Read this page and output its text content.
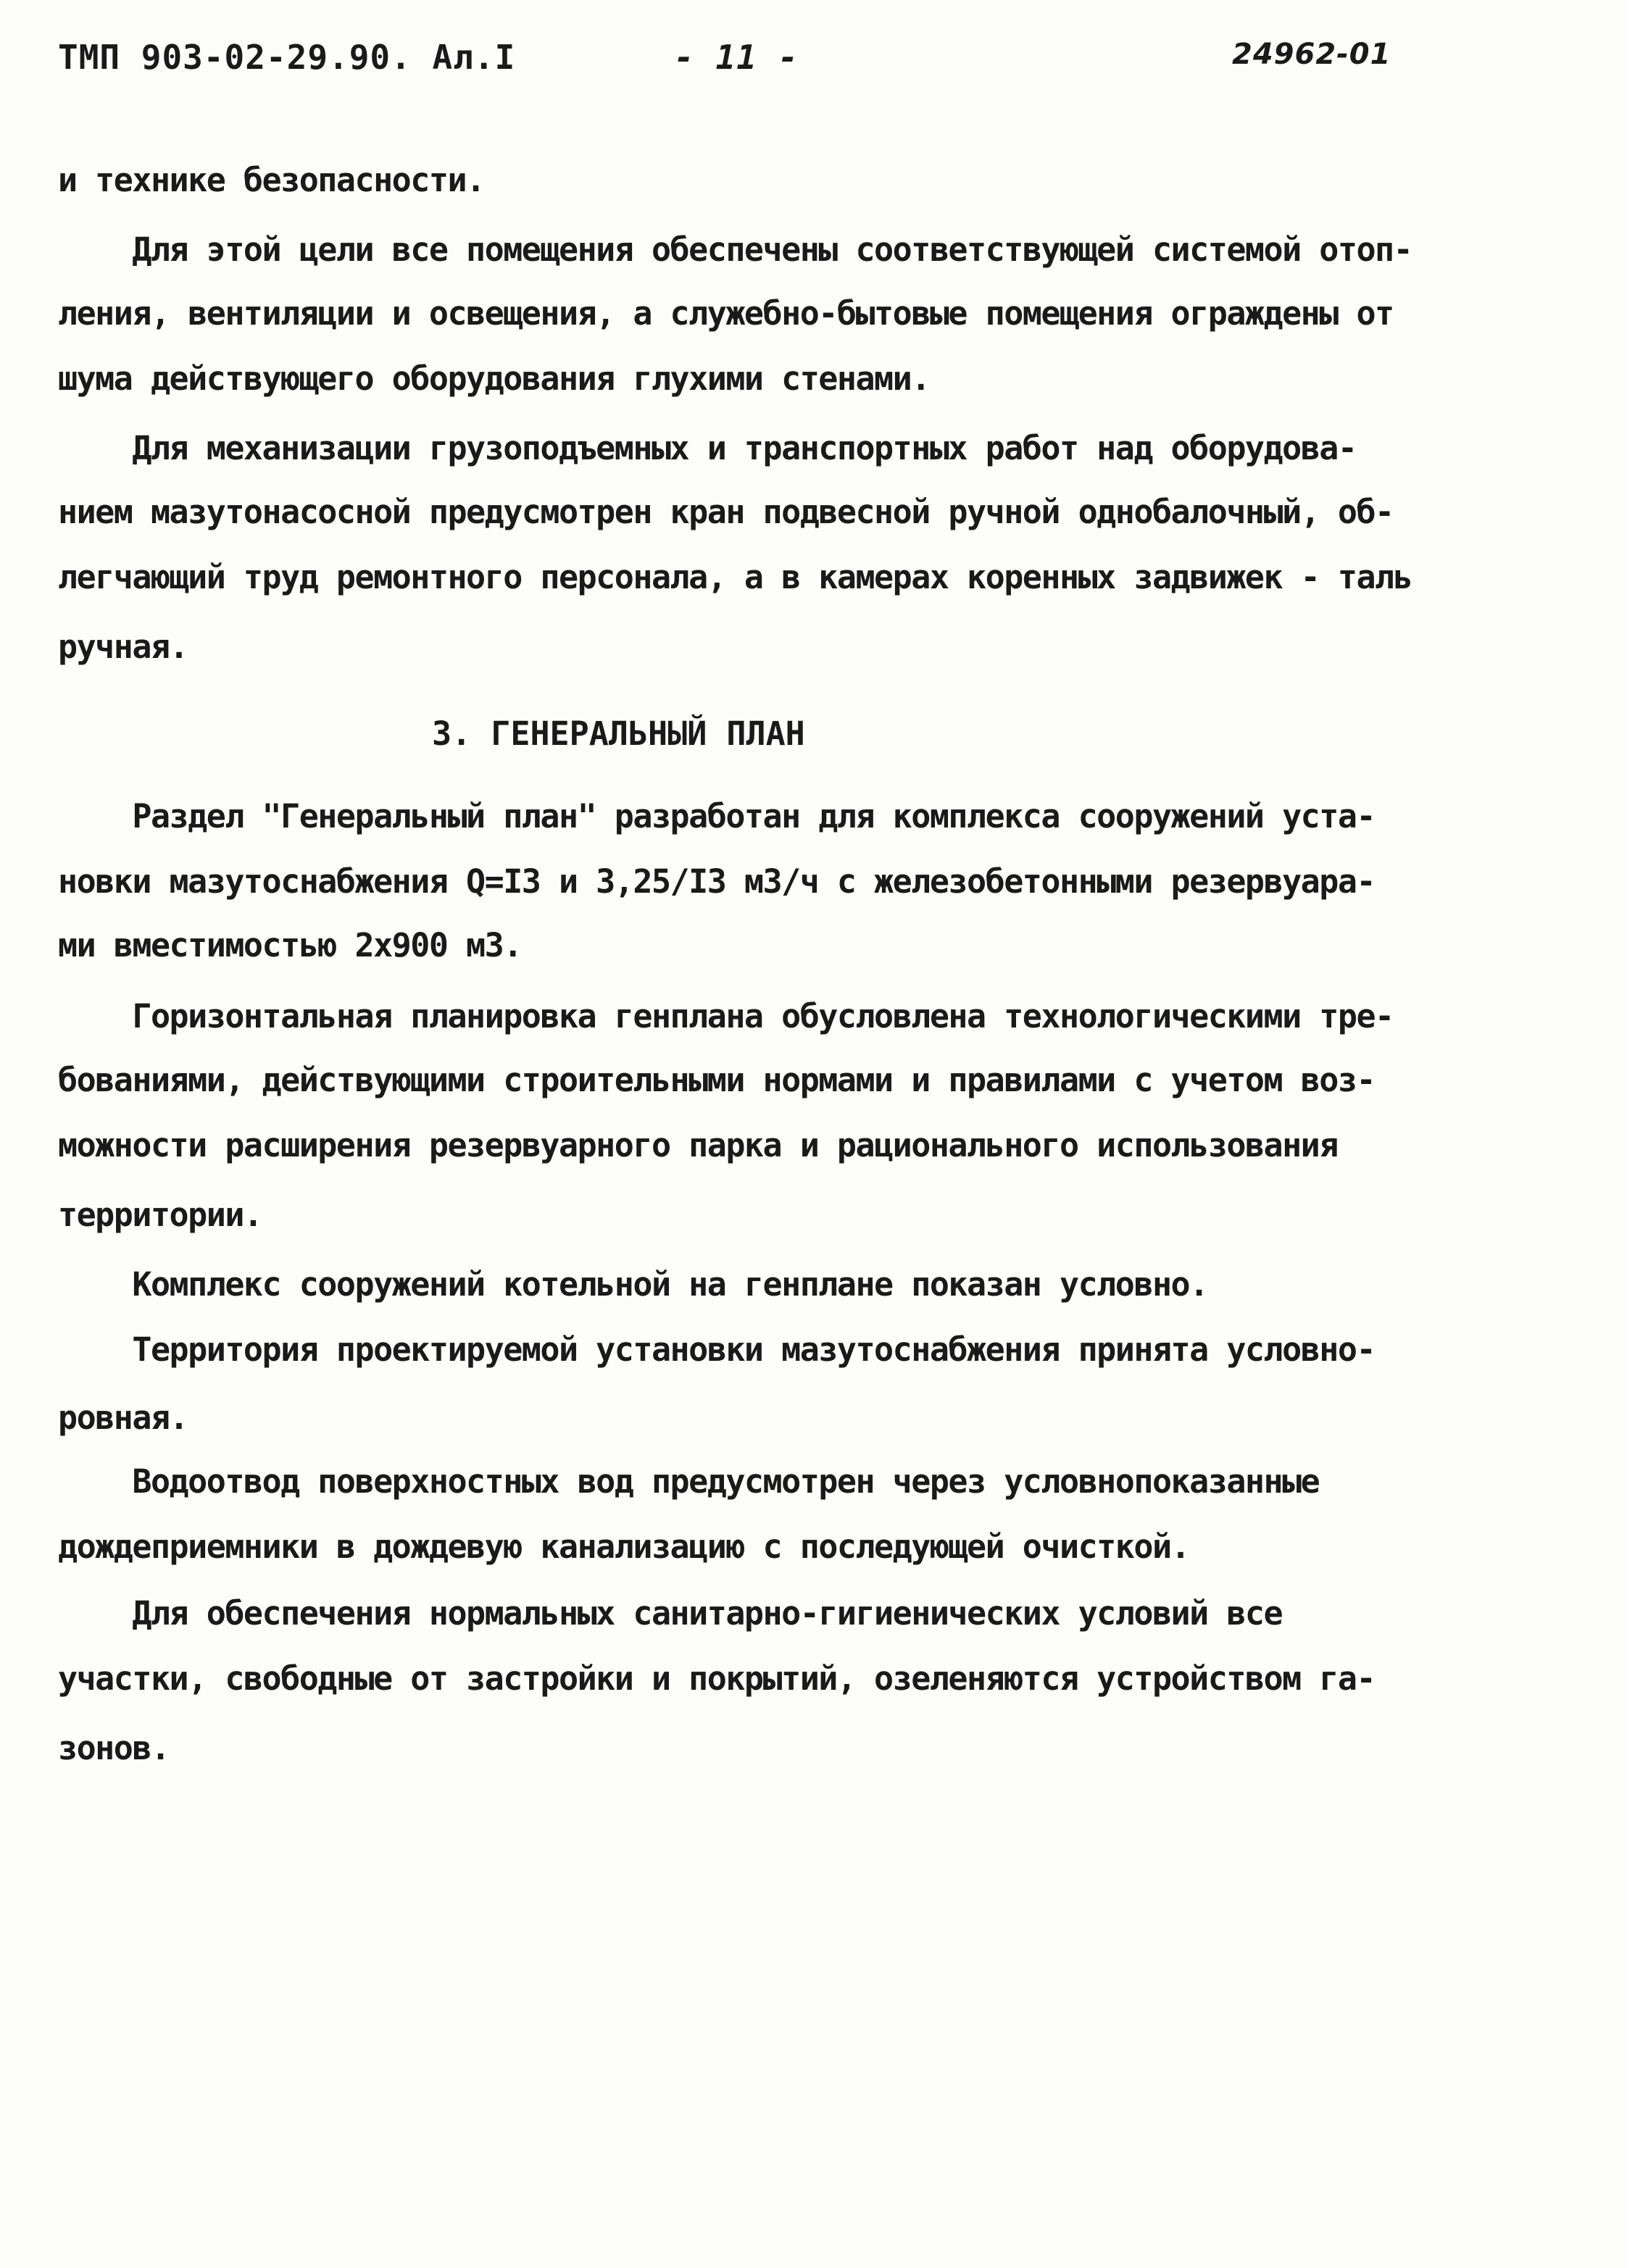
ТМП 903-02-29.90. Ал.I	- 11 -	24962-01
и технике безопасности.
Для этой цели все помещения обеспечены соответствующей системой отоп-
ления, вентиляции и освещения, а служебно-бытовые помещения ограждены от
шума действующего оборудования глухими стенами.
Для механизации грузоподъемных и транспортных работ над оборудова-
нием мазутонасосной предусмотрен кран подвесной ручной однобалочный, об-
легчающий труд ремонтного персонала, а в камерах коренных задвижек - таль
ручная.
3. ГЕНЕРАЛЬНЫЙ ПЛАН
Раздел "Генеральный план" разработан для комплекса сооружений уста-
новки мазутоснабжения Q=I3 и 3,25/I3 м3/ч с железобетонными резервуара-
ми вместимостью 2х900 м3.
Горизонтальная планировка генплана обусловлена технологическими тре-
бованиями, действующими строительными нормами и правилами с учетом воз-
можности расширения резервуарного парка и рационального использования
территории.
Комплекс сооружений котельной на генплане показан условно.
Территория проектируемой установки мазутоснабжения принята условно-
ровная.
Водоотвод поверхностных вод предусмотрен через условнопоказанные
дождеприемники в дождевую канализацию с последующей очисткой.
Для обеспечения нормальных санитарно-гигиенических условий все
участки, свободные от застройки и покрытий, озеленяются устройством га-
зонов.
